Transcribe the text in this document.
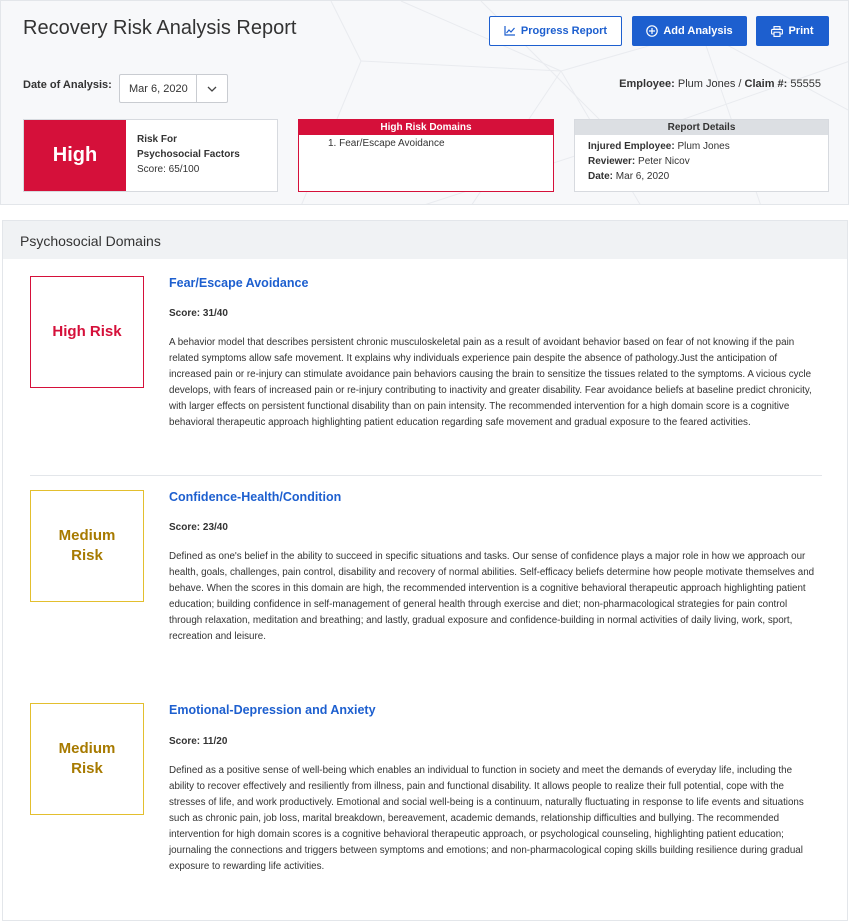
Recovery Risk Analysis Report	Progress Report	Add Analysis	Print
Date of Analysis:	Mar 6, 2020	Employee: Plum Jones / Claim #: 55555
High
Risk For
Psychosocial Factors
Score: 65/100
High Risk Domains
1. Fear/Escape Avoidance
Report Details
Injured Employee: Plum Jones
Reviewer: Peter Nicov
Date: Mar 6, 2020
Psychosocial Domains
High Risk
Fear/Escape Avoidance
Score: 31/40
A behavior model that describes persistent chronic musculoskeletal pain as a result of avoidant behavior based on fear of not knowing if the pain related symptoms allow safe movement. It explains why individuals experience pain despite the absence of pathology.Just the anticipation of increased pain or re-injury can stimulate avoidance pain behaviors causing the brain to sensitize the tissues related to the symptoms. A vicious cycle develops, with fears of increased pain or re-injury contributing to inactivity and greater disability. Fear avoidance beliefs at baseline predict chronicity, with larger effects on persistent functional disability than on pain intensity. The recommended intervention for a high domain score is a cognitive behavioral therapeutic approach highlighting patient education regarding safe movement and gradual exposure to the feared activities.
Medium Risk
Confidence-Health/Condition
Score: 23/40
Defined as one's belief in the ability to succeed in specific situations and tasks. Our sense of confidence plays a major role in how we approach our health, goals, challenges, pain control, disability and recovery of normal abilities. Self-efficacy beliefs determine how people motivate themselves and behave. When the scores in this domain are high, the recommended intervention is a cognitive behavioral therapeutic approach highlighting patient education; building confidence in self-management of general health through exercise and diet; non-pharmacological strategies for pain control through relaxation, meditation and breathing; and lastly, gradual exposure and confidence-building in normal activities of daily living, work, sport, recreation and leisure.
Medium Risk
Emotional-Depression and Anxiety
Score: 11/20
Defined as a positive sense of well-being which enables an individual to function in society and meet the demands of everyday life, including the ability to recover effectively and resiliently from illness, pain and functional disability. It allows people to realize their full potential, cope with the stresses of life, and work productively. Emotional and social well-being is a continuum, naturally fluctuating in response to life events and situations such as chronic pain, job loss, marital breakdown, bereavement, academic demands, relationship difficulties and bullying. The recommended intervention for high domain scores is a cognitive behavioral therapeutic approach, or psychological counseling, highlighting patient education; journaling the connections and triggers between symptoms and emotions; and non-pharmacological coping skills building resilience during gradual exposure to rewarding life activities.
